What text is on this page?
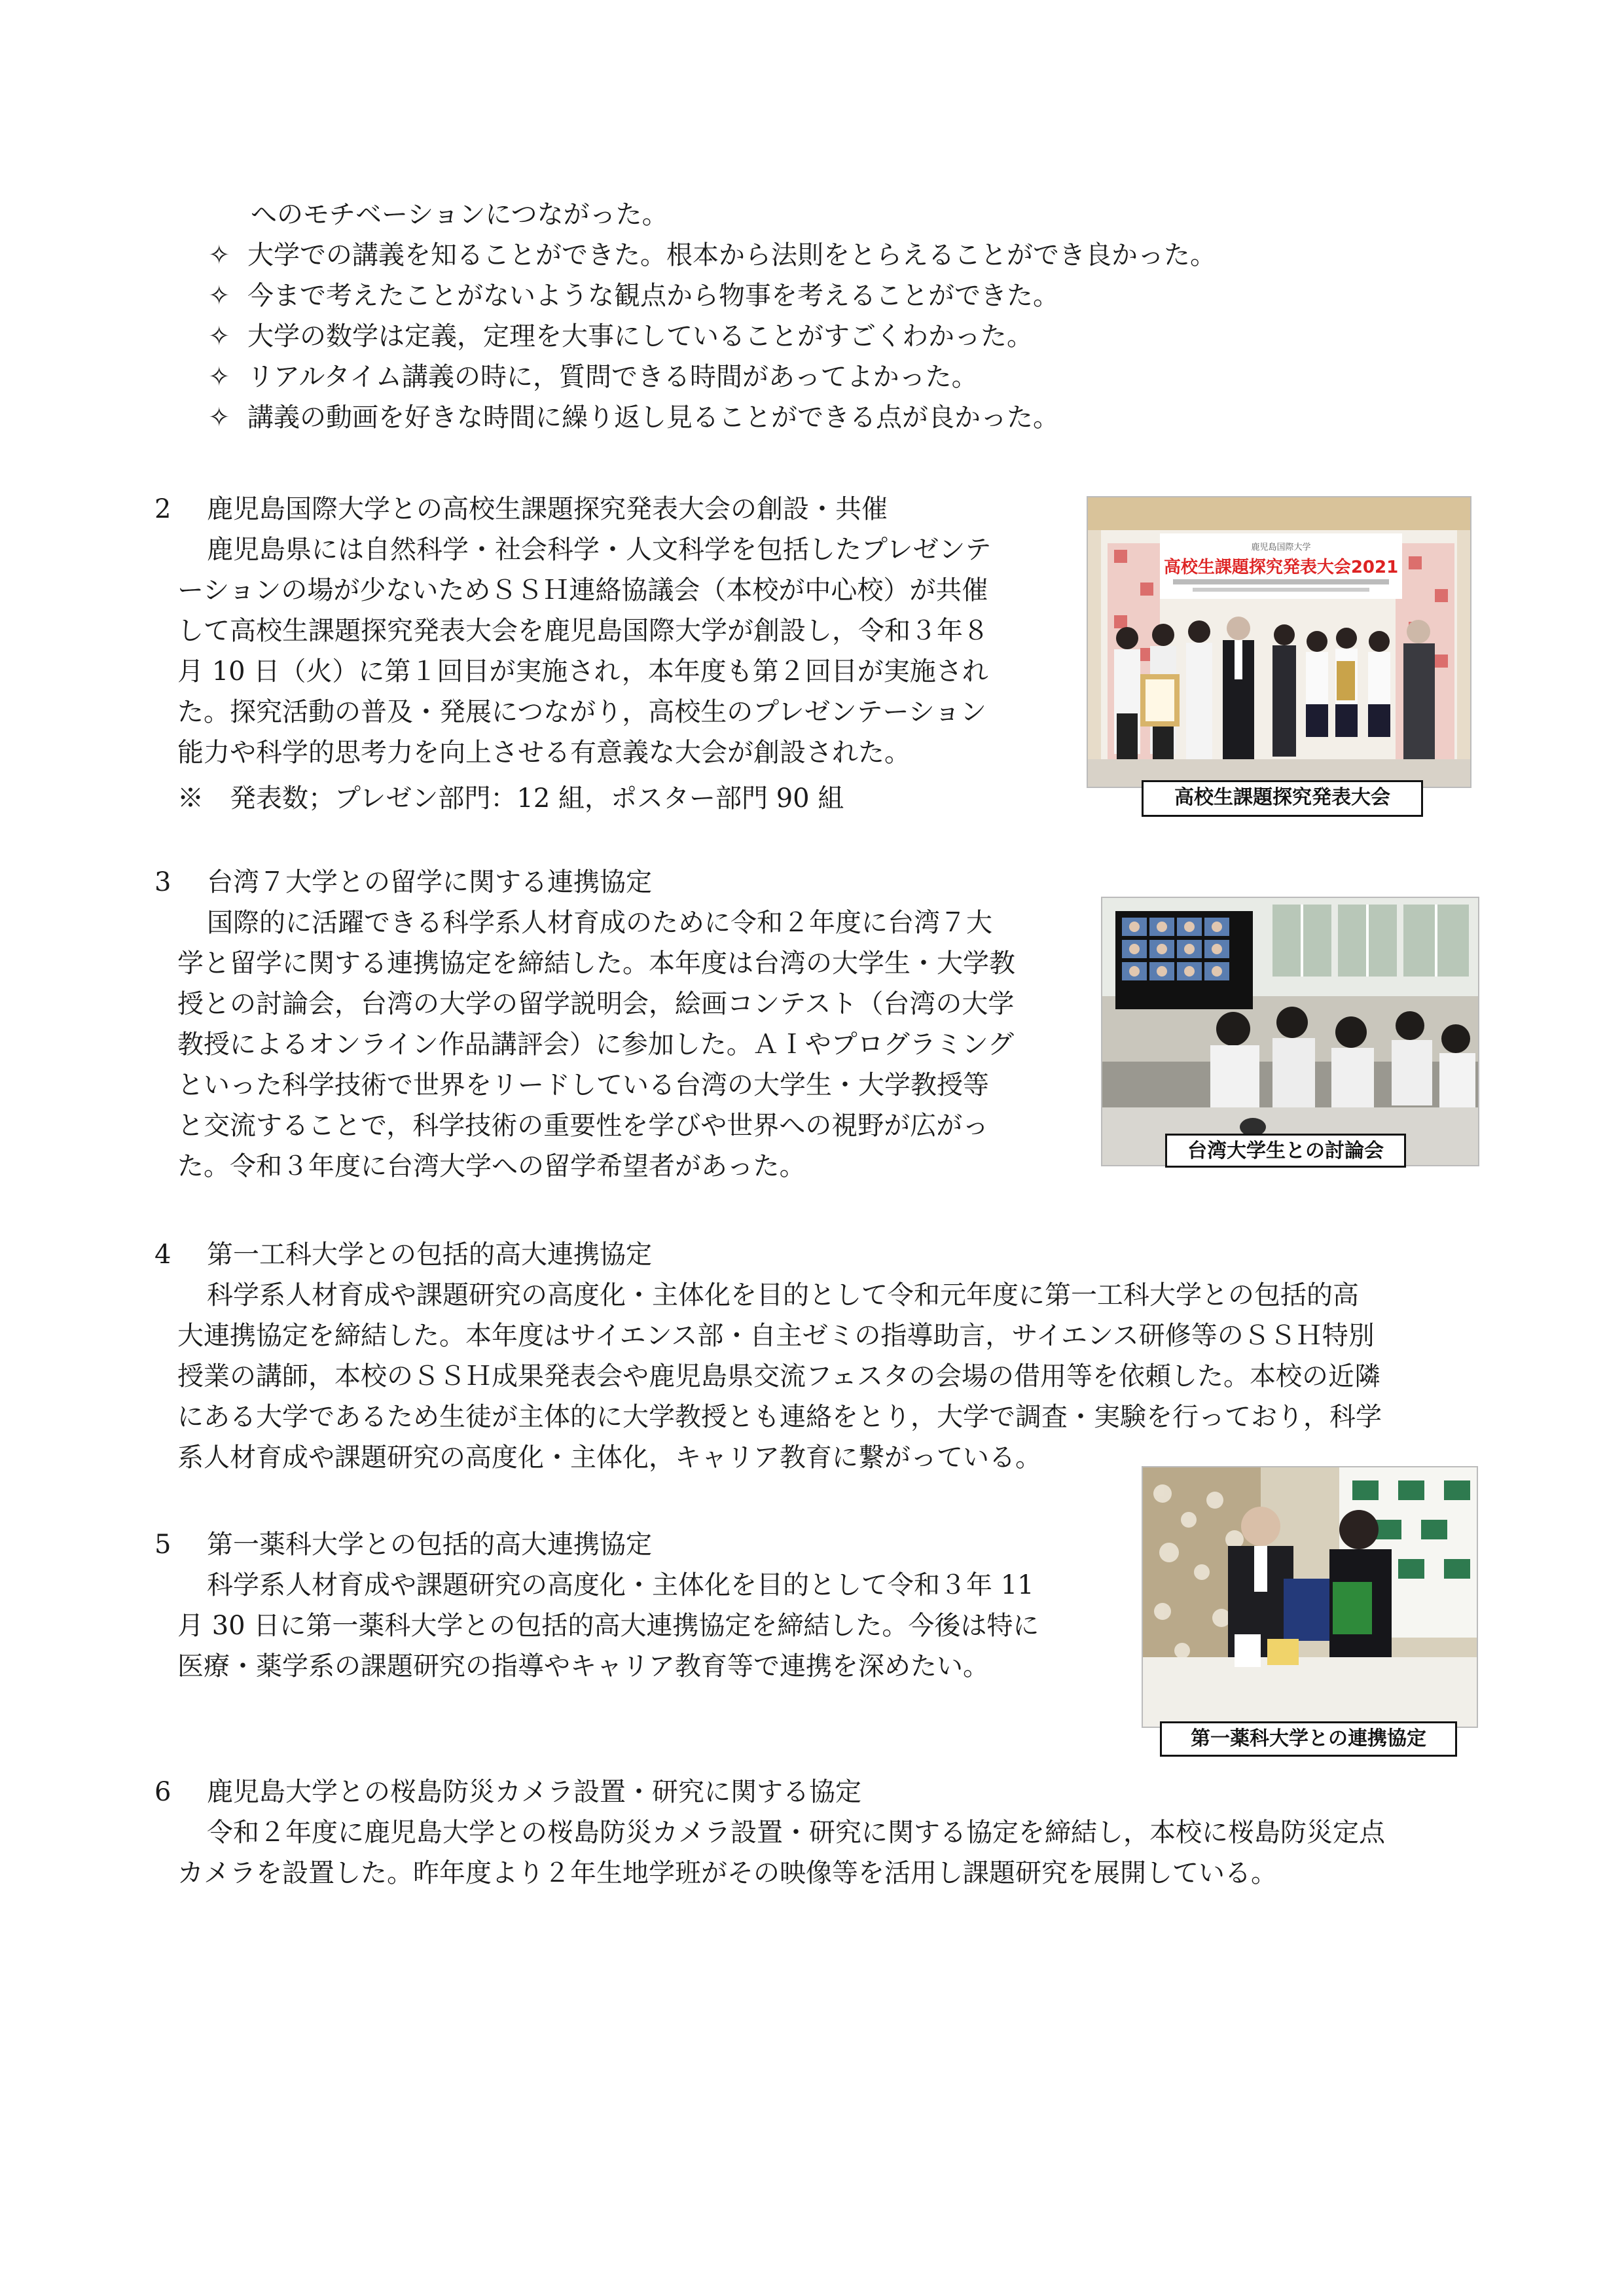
へのモチベーションにつながった。

✧ 大学での講義を知ることができた。根本から法則をとらえることができ良かった。

✧ 今まで考えたことがないような観点から物事を考えることができた。

✧ 大学の数学は定義，定理を大事にしていることがすごくわかった。

✧ リアルタイム講義の時に，質問できる時間があってよかった。

✧ 講義の動画を好きな時間に繰り返し見ることができる点が良かった。

2 鹿児島国際大学との高校生課題探究発表大会の創設・共催

鹿児島県には自然科学・社会科学・人文科学を包括したプレゼンテ

ーションの場が少ないためＳＳＨ連絡協議会（本校が中心校）が共催

して高校生課題探究発表大会を鹿児島国際大学が創設し，令和３年８

月 10 日（火）に第１回目が実施され，本年度も第２回目が実施され

た。探究活動の普及・発展につながり，高校生のプレゼンテーション

能力や科学的思考力を向上させる有意義な大会が創設された。

※　発表数；プレゼン部門：12 組，ポスター部門 90 組

鹿児島国際大学
高校生課題探究発表大会2021
高校生課題探究発表大会

3 台湾７大学との留学に関する連携協定

国際的に活躍できる科学系人材育成のために令和２年度に台湾７大

学と留学に関する連携協定を締結した。本年度は台湾の大学生・大学教

授との討論会，台湾の大学の留学説明会，絵画コンテスト（台湾の大学

教授によるオンライン作品講評会）に参加した。ＡＩやプログラミング

といった科学技術で世界をリードしている台湾の大学生・大学教授等

と交流することで，科学技術の重要性を学びや世界への視野が広がっ

た。令和３年度に台湾大学への留学希望者があった。

台湾大学生との討論会

4 第一工科大学との包括的高大連携協定

科学系人材育成や課題研究の高度化・主体化を目的として令和元年度に第一工科大学との包括的高

大連携協定を締結した。本年度はサイエンス部・自主ゼミの指導助言，サイエンス研修等のＳＳＨ特別

授業の講師，本校のＳＳＨ成果発表会や鹿児島県交流フェスタの会場の借用等を依頼した。本校の近隣

にある大学であるため生徒が主体的に大学教授とも連絡をとり，大学で調査・実験を行っており，科学

系人材育成や課題研究の高度化・主体化，キャリア教育に繋がっている。

5 第一薬科大学との包括的高大連携協定

科学系人材育成や課題研究の高度化・主体化を目的として令和３年 11

月 30 日に第一薬科大学との包括的高大連携協定を締結した。今後は特に

医療・薬学系の課題研究の指導やキャリア教育等で連携を深めたい。

第一薬科大学との連携協定

6 鹿児島大学との桜島防災カメラ設置・研究に関する協定

令和２年度に鹿児島大学との桜島防災カメラ設置・研究に関する協定を締結し，本校に桜島防災定点

カメラを設置した。昨年度より２年生地学班がその映像等を活用し課題研究を展開している。
